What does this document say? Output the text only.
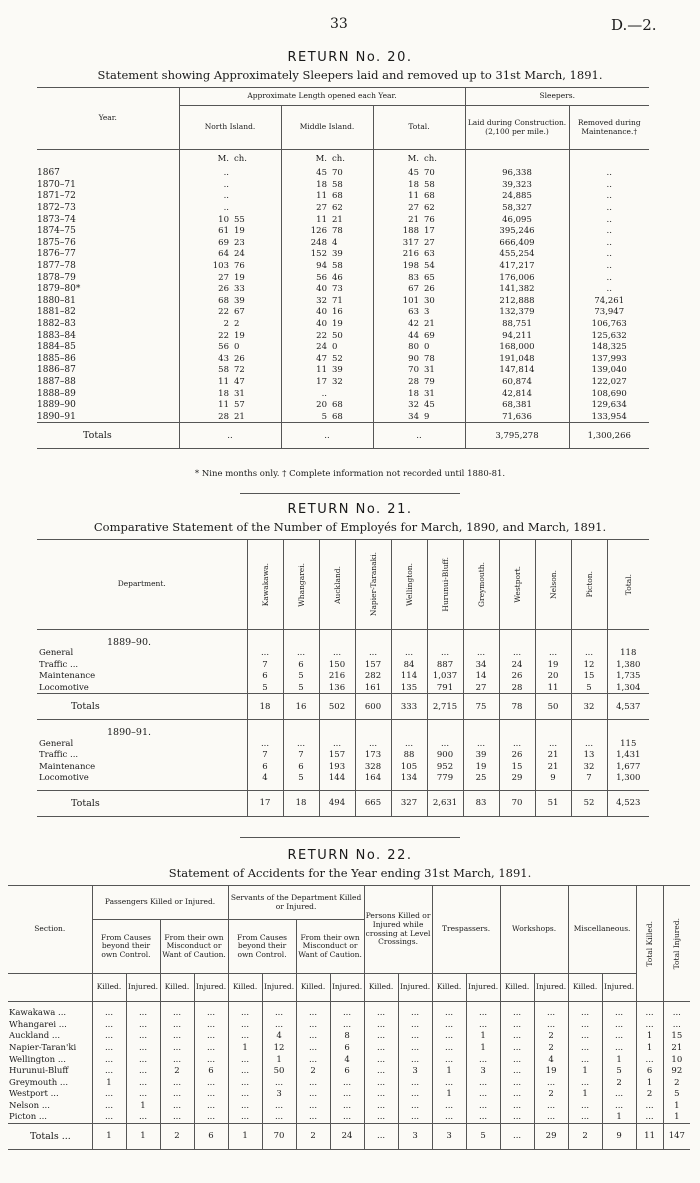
33	D.—2.
RETURN No. 20.
Statement showing Approximately Sleepers laid and removed up to 31st March, 1891.
Year.	Approximate Length opened each Year.						Sleepers.	
	North Island.		Middle Island.		Total.		Laid during Construction. (2,100 per mile.)	Removed during Maintenance.†
	M.	ch.	M.	ch.	M.	ch.		
1867	..		45	70	45	70	96,338	..
1870–71	..		18	58	18	58	39,323	..
1871–72	..		11	68	11	68	24,885	..
1872–73	..		27	62	27	62	58,327	..
1873–74	10	55	11	21	21	76	46,095	..
1874–75	61	19	126	78	188	17	395,246	..
1875–76	69	23	248	4	317	27	666,409	..
1876–77	64	24	152	39	216	63	455,254	..
1877–78	103	76	94	58	198	54	417,217	..
1878–79	27	19	56	46	83	65	176,006	..
1879–80*	26	33	40	73	67	26	141,382	..
1880–81	68	39	32	71	101	30	212,888	74,261
1881–82	22	67	40	16	63	3	132,379	73,947
1882–83	2	2	40	19	42	21	88,751	106,763
1883–84	22	19	22	50	44	69	94,211	125,632
1884–85	56	0	24	0	80	0	168,000	148,325
1885–86	43	26	47	52	90	78	191,048	137,993
1886–87	58	72	11	39	70	31	147,814	139,040
1887–88	11	47	17	32	28	79	60,874	122,027
1888–89	18	31	..		18	31	42,814	108,690
1889–90	11	57	20	68	32	45	68,381	129,634
1890–91	28	21	5	68	34	9	71,636	133,954
Totals	..		..		..		3,795,278	1,300,266
* Nine months only. † Complete information not recorded until 1880-81.
RETURN No. 21.
Comparative Statement of the Number of Employés for March, 1890, and March, 1891.
Department.	Kawakawa.	Whangarei.	Auckland.	Napier-Taranaki.	Wellington.	Hurunui-Bluff.	Greymouth.	Westport.	Nelson.	Picton.	Total.

1889–90.											
General	...	...	...	...	...	...	...	...	...	...	118
Traffic ...	7	6	150	157	84	887	34	24	19	12	1,380
Maintenance	6	5	216	282	114	1,037	14	26	20	15	1,735
Locomotive	5	5	136	161	135	791	27	28	11	5	1,304
Totals	18	16	502	600	333	2,715	75	78	50	32	4,537
1890–91.											
General	...	...	...	...	...	...	...	...	...	...	115
Traffic ...	7	7	157	173	88	900	39	26	21	13	1,431
Maintenance	6	6	193	328	105	952	19	15	21	32	1,677
Locomotive	4	5	144	164	134	779	25	29	9	7	1,300

Totals	17	18	494	665	327	2,631	83	70	51	52	4,523
RETURN No. 22.
Statement of Accidents for the Year ending 31st March, 1891.
Section.	Passengers Killed or Injured.				Servants of the Department Killed or Injured.				Persons Killed or Injured while crossing at Level Crossings.		Trespassers.		Workshops.		Miscellaneous.		Total Killed.	Total Injured.

	From Causes beyond their own Control.		From their own Misconduct or Want of Caution.		From Causes beyond their own Control.		From their own Misconduct or Want of Caution.											
	Killed.	Injured.	Killed.	Injured.	Killed.	Injured.	Killed.	Injured.	Killed.	Injured.	Killed.	Injured.	Killed.	Injured.	Killed.	Injured.		

Kawakawa ...	...	...	...	...	...	...	...	...	...	...	...	...	...	...	...	...	...	...
Whangarei ...	...	...	...	...	...	...	...	...	...	...	...	...	...	...	...	...	...	...
Auckland ...	...	...	...	...	...	4	...	8	...	...	...	1	...	2	...	...	1	15
Napier-Taran'ki	...	...	...	...	1	12	...	6	...	...	...	1	...	2	...	...	1	21
Wellington ...	...	...	...	...	...	1	...	4	...	...	...	...	...	4	...	1	...	10
Hurunui-Bluff	...	...	2	6	...	50	2	6	...	3	1	3	...	19	1	5	6	92
Greymouth ...	1	...	...	...	...	...	...	...	...	...	...	...	...	...	...	2	1	2
Westport ...	...	...	...	...	...	3	...	...	...	...	1	...	...	2	1	...	2	5
Nelson ...	...	1	...	...	...	...	...	...	...	...	...	...	...	...	...	...	...	1
Picton ...	...	...	...	...	...	...	...	...	...	...	...	...	...	...	...	1	...	1
Totals ...	1	1	2	6	1	70	2	24	...	3	3	5	...	29	2	9	11	147
